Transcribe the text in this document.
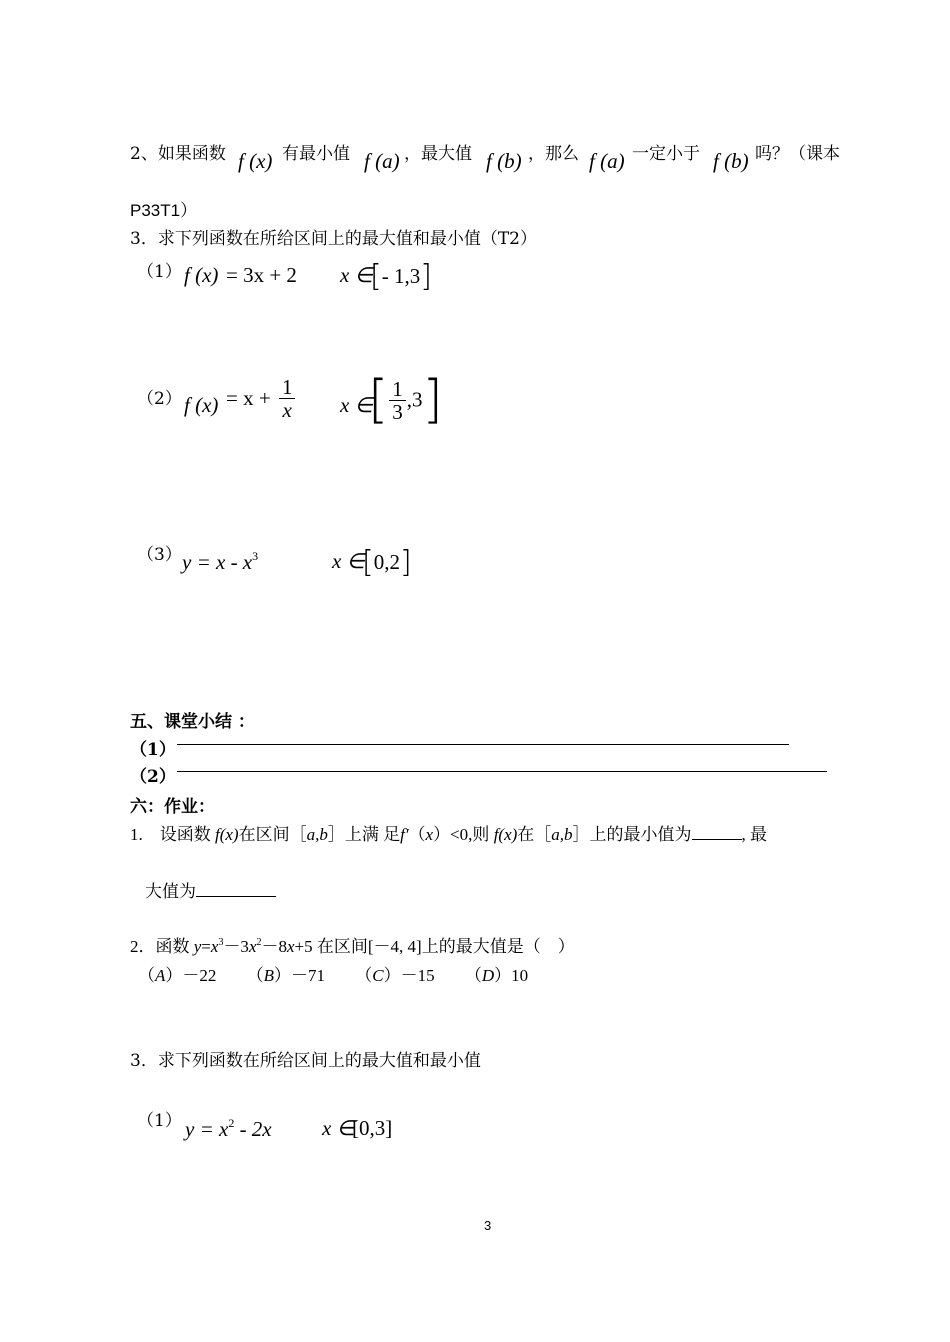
2、如果函数 f (x) 有最小值 f (a) ，最大值 f (b) ，那么 f (a) 一定小于 f (b) 吗？（课本
P33T1）
3．求下列函数在所给区间上的最大值和最小值（T2）
（1） f (x) = 3x + 2 x ∈
[- 1,3]
（2） f $(x) = x + \frac{1}{x}$ x ∈
[ $\frac{1}{3} ,3$]
（3） $y = x - x^3$	x ∈
[0,2]
五、课堂小结 ：
（1）
（2）
六：作业：
1.　设函数 f(x)在区间［a,b］上满 足f′（x）<0,则 f(x)在［a,b］上的最小值为	, 最
大值为
2．函数 $y=x^3-3x^2-8x+5$ 在区间[－4, 4]上的最大值是（　）
（A）－22 （B）－71 （C）－15 （D）10
3．求下列函数在所给区间上的最大值和最小值
（1） $y = x^2 - 2x$ x ∈
[0,3]
3
